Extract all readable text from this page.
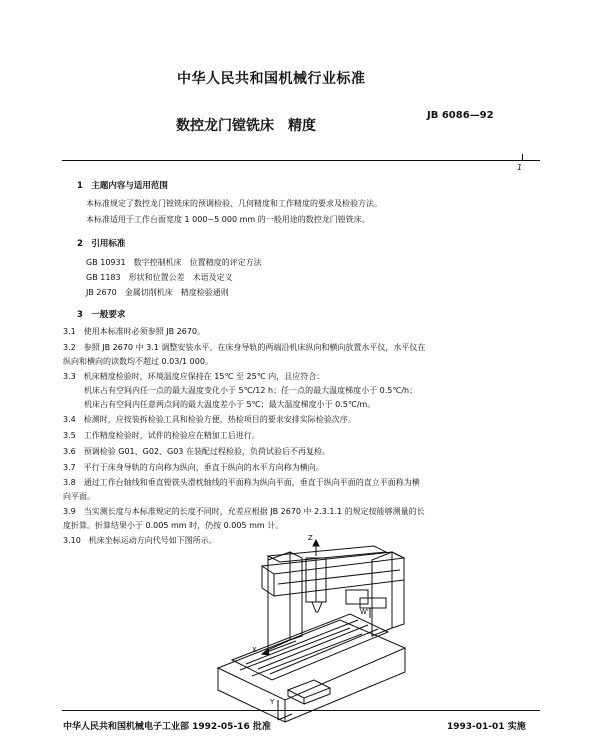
中华人民共和国机械行业标准
数控龙门镗铣床　精度
JB 6086—92
1
1　主题内容与适用范围
本标准规定了数控龙门镗铣床的预调检验、几何精度和工作精度的要求及检验方法。
本标准适用于工作台面宽度 1 000~5 000 mm 的一般用途的数控龙门镗铣床。
2　引用标准
GB 10931　数字控制机床　位置精度的评定方法
GB 1183　形状和位置公差　术语及定义
JB 2670　金属切削机床　精度检验通则
3　一般要求
3.1　使用本标准时必须参照 JB 2670。
3.2　参照 JB 2670 中 3.1 调整安装水平。在床身导轨的两端沿机床纵向和横向放置水平仪，水平仪在
纵向和横向的读数均不超过 0.03/1 000。
3.3　机床精度检验时，环境温度应保持在 15℃ 至 25℃ 内，且应符合：
机床占有空间内任一点的最大温度变化小于 5℃/12 h；任一点的最大温度梯度小于 0.5℃/h；
机床占有空间内任意两点间的最大温度差小于 5℃；最大温度梯度小于 0.5℃/m。
3.4　检测时，应按装拆检验工具和检验方便，热检项目的要求安排实际检验次序。
3.5　工作精度检验时，试件的检验应在精加工后进行。
3.6　预调检验 G01、G02、G03 在装配过程检验，负荷试验后不再复检。
3.7　平行于床身导轨的方向称为纵向，垂直于纵向的水平方向称为横向。
3.8　通过工作台轴线和垂直镗铣头滑枕轴线的平面称为纵向平面，垂直于纵向平面的直立平面称为横
向平面。
3.9　当实测长度与本标准规定的长度不同时，允差应根据 JB 2670 中 2.3.1.1 的规定按能够测量的长
度折算。折算结果小于 0.005 mm 时，仍按 0.005 mm 计。
3.10　机床坐标运动方向代号如下图所示。	Z
X
Y
W'
中华人民共和国机械电子工业部 1992-05-16 批准	1993-01-01 实施
